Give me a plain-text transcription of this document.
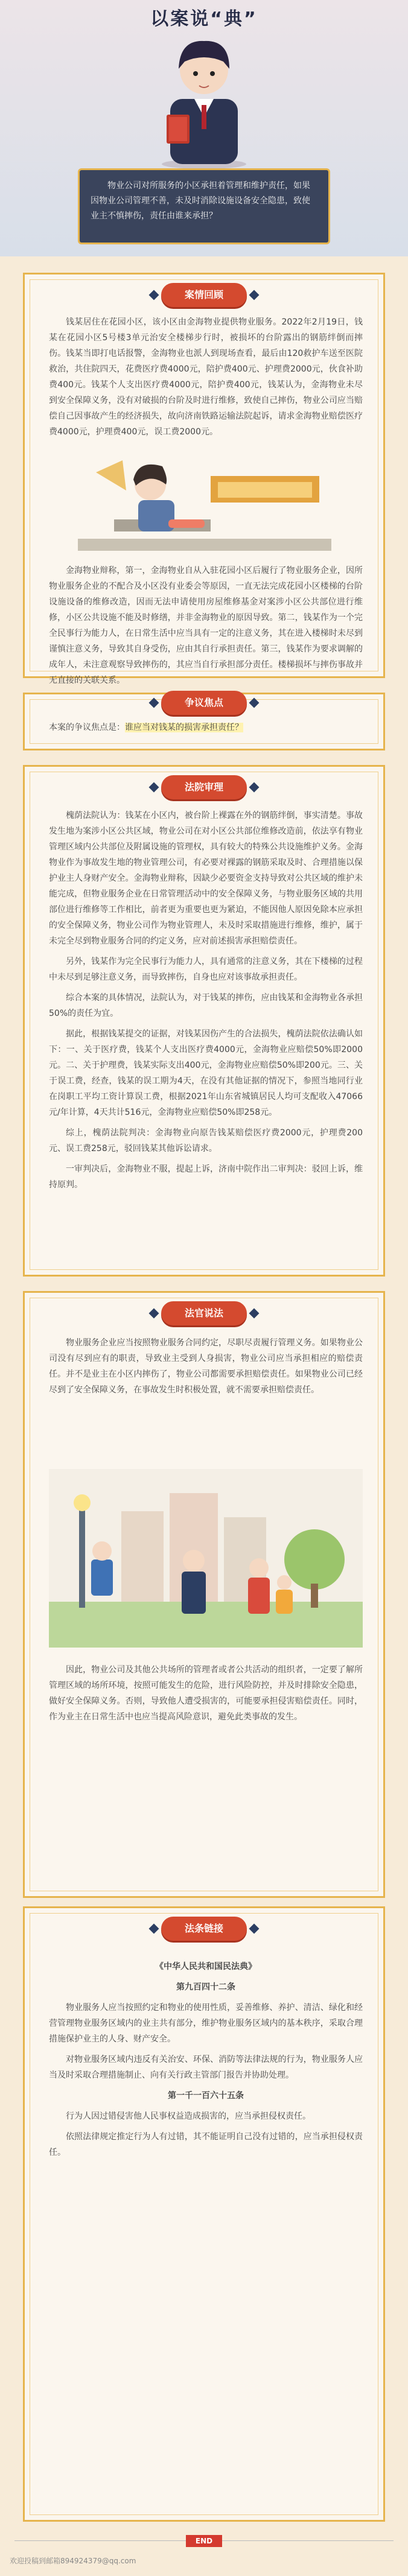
以案说“典”

物业公司对所服务的小区承担着管理和维护责任，如果因物业公司管理不善，未及时消除设施设备安全隐患，致使业主不慎摔伤，责任由谁来承担？

案情回顾

钱某居住在花园小区，该小区由金海物业提供物业服务。2022年2月19日，钱某在花园小区5号楼3单元治安全楼梯步行时，被损坏的台阶露出的钢筋绊倒而摔伤。钱某当即打电话报警，金海物业也派人到现场查看，最后由120救护车送至医院救治，共住院四天，花费医疗费4000元，陪护费400元、护理费2000元，伙食补助费400元。钱某个人支出医疗费4000元，陪护费400元，钱某认为，金海物业未尽到安全保障义务，没有对破损的台阶及时进行维修，致使自己摔伤，物业公司应当赔偿自己因事故产生的经济损失，故向济南铁路运输法院起诉，请求金海物业赔偿医疗费4000元，护理费400元，误工费2000元。

金海物业辩称，第一，金海物业自从入驻花园小区后履行了物业服务企业，因所物业服务企业的不配合及小区没有业委会等原因，一直无法完成花园小区楼梯的台阶设施设备的维修改造，因而无法申请使用房屋维修基金对案涉小区公共部位进行维修，小区公共设施不能及时修缮，并非金海物业的原因导致。第二，钱某作为一个完全民事行为能力人，在日常生活中应当具有一定的注意义务，其在进入楼梯时未尽到谨慎注意义务，导致其自身受伤，应由其自行承担责任。第三，钱某作为要求调解的成年人，未注意观察导致摔伤的，其应当自行承担部分责任。楼梯损坏与摔伤事故并无直接的关联关系。

争议焦点
本案的争议焦点是：谁应当对钱某的损害承担责任？
法院审理

槐荫法院认为：钱某在小区内，被台阶上裸露在外的钢筋绊倒，事实清楚。事故发生地为案涉小区公共区域，物业公司在对小区公共部位维修改造前，依法享有物业管理区域内公共部位及附属设施的管理权，具有较大的特殊公共设施维护义务。金海物业作为事故发生地的物业管理公司，有必要对裸露的钢筋采取及时、合理措施以保护业主人身财产安全。金海物业辩称，因缺少必要资金支持导致对公共区域的维护未能完成，但物业服务企业在日常管理活动中的安全保障义务，与物业服务区域的共用部位进行维修等工作相比，前者更为重要也更为紧迫，不能因他人原因免除本应承担的安全保障义务，物业公司作为物业管理人，未及时采取措施进行维修，维护，属于未完全尽到物业服务合同的约定义务，应对前述损害承担赔偿责任。

另外，钱某作为完全民事行为能力人，具有通常的注意义务，其在下楼梯的过程中未尽到足够注意义务，而导致摔伤，自身也应对该事故承担责任。

综合本案的具体情况，法院认为，对于钱某的摔伤，应由钱某和金海物业各承担50%的责任为宜。

据此，根据钱某提交的证据，对钱某因伤产生的合法损失，槐荫法院依法确认如下：一、关于医疗费，钱某个人支出医疗费4000元，金海物业应赔偿50%即2000元。二、关于护理费，钱某实际支出400元，金海物业应赔偿50%即200元。三、关于误工费，经查，钱某的误工期为4天，在没有其他证据的情况下，参照当地同行业在岗职工平均工资计算误工费，根据2021年山东省城镇居民人均可支配收入47066元/年计算，4天共计516元，金海物业应赔偿50%即258元。

综上，槐荫法院判决：金海物业向原告钱某赔偿医疗费2000元，护理费200元、误工费258元，驳回钱某其他诉讼请求。

一审判决后，金海物业不服，提起上诉，济南中院作出二审判决：驳回上诉，维持原判。

法官说法

物业服务企业应当按照物业服务合同约定，尽职尽责履行管理义务。如果物业公司没有尽到应有的职责，导致业主受到人身损害，物业公司应当承担相应的赔偿责任。并不是业主在小区内摔伤了，物业公司都需要承担赔偿责任。如果物业公司已经尽到了安全保障义务，在事故发生时积极处置，就不需要承担赔偿责任。

因此，物业公司及其他公共场所的管理者或者公共活动的组织者，一定要了解所管理区域的场所环境，按照可能发生的危险，进行风险防控，并及时排除安全隐患，做好安全保障义务。否则，导致他人遭受损害的，可能要承担侵害赔偿责任。同时，作为业主在日常生活中也应当提高风险意识，避免此类事故的发生。

法条链接

《中华人民共和国民法典》

第九百四十二条

物业服务人应当按照约定和物业的使用性质，妥善维修、养护、清洁、绿化和经营管理物业服务区域内的业主共有部分，维护物业服务区域内的基本秩序，采取合理措施保护业主的人身、财产安全。

对物业服务区域内违反有关治安、环保、消防等法律法规的行为，物业服务人应当及时采取合理措施制止、向有关行政主管部门报告并协助处理。

第一千一百六十五条

行为人因过错侵害他人民事权益造成损害的，应当承担侵权责任。

依照法律规定推定行为人有过错，其不能证明自己没有过错的，应当承担侵权责任。

END
欢迎投稿到邮箱894924379@qq.com
